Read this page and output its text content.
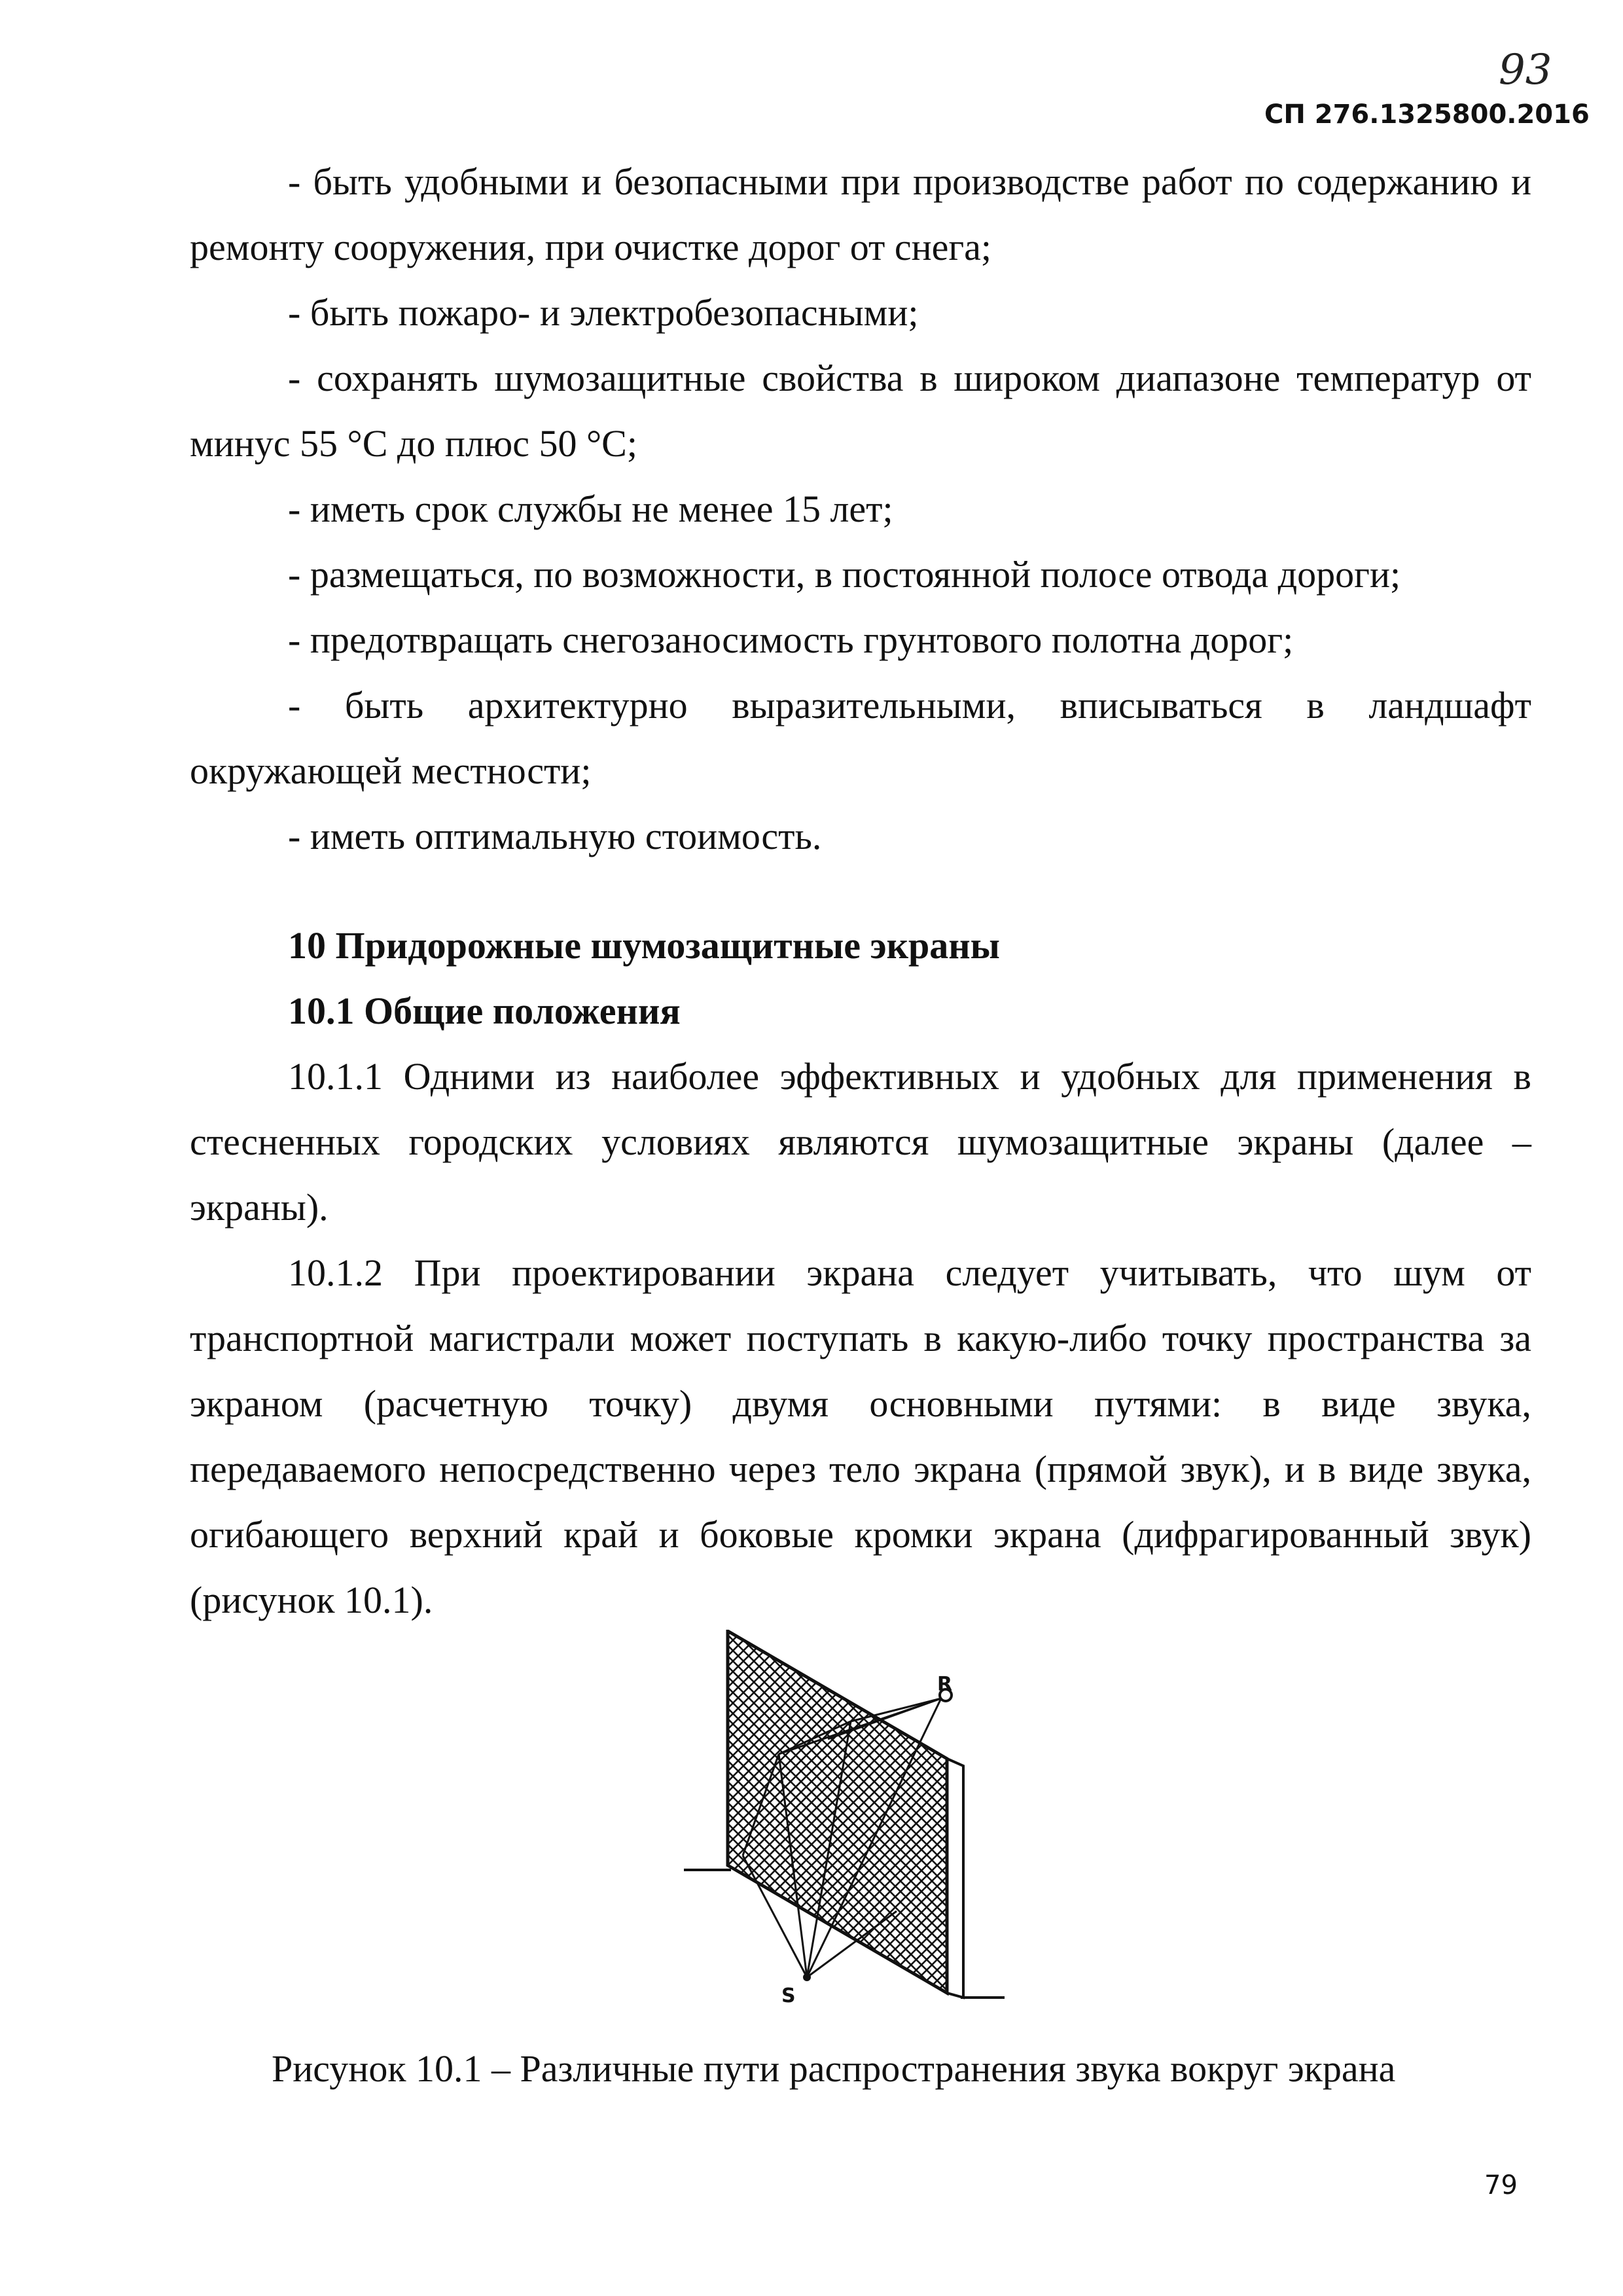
93
СП 276.1325800.2016
- быть удобными и безопасными при производстве работ по содержанию и
ремонту сооружения, при очистке дорог от снега;
- быть пожаро- и электробезопасными;
- сохранять шумозащитные свойства в широком диапазоне температур от
минус 55 °С до плюс 50 °С;
- иметь срок службы не менее 15 лет;
- размещаться, по возможности, в постоянной полосе отвода дороги;
- предотвращать снегозаносимость грунтового полотна дорог;
- быть архитектурно выразительными, вписываться в ландшафт
окружающей местности;
- иметь оптимальную стоимость.
10 Придорожные шумозащитные экраны
10.1 Общие положения
10.1.1 Одними из наиболее эффективных и удобных для применения в
стесненных городских условиях являются шумозащитные экраны (далее –
экраны).
10.1.2 При проектировании экрана следует учитывать, что шум от
транспортной магистрали может поступать в какую-либо точку пространства за
экраном (расчетную точку) двумя основными путями: в виде звука,
передаваемого непосредственно через тело экрана (прямой звук), и в виде звука,
огибающего верхний край и боковые кромки экрана (дифрагированный звук)
(рисунок 10.1).
R
S
Рисунок 10.1 – Различные пути распространения звука вокруг экрана
79
